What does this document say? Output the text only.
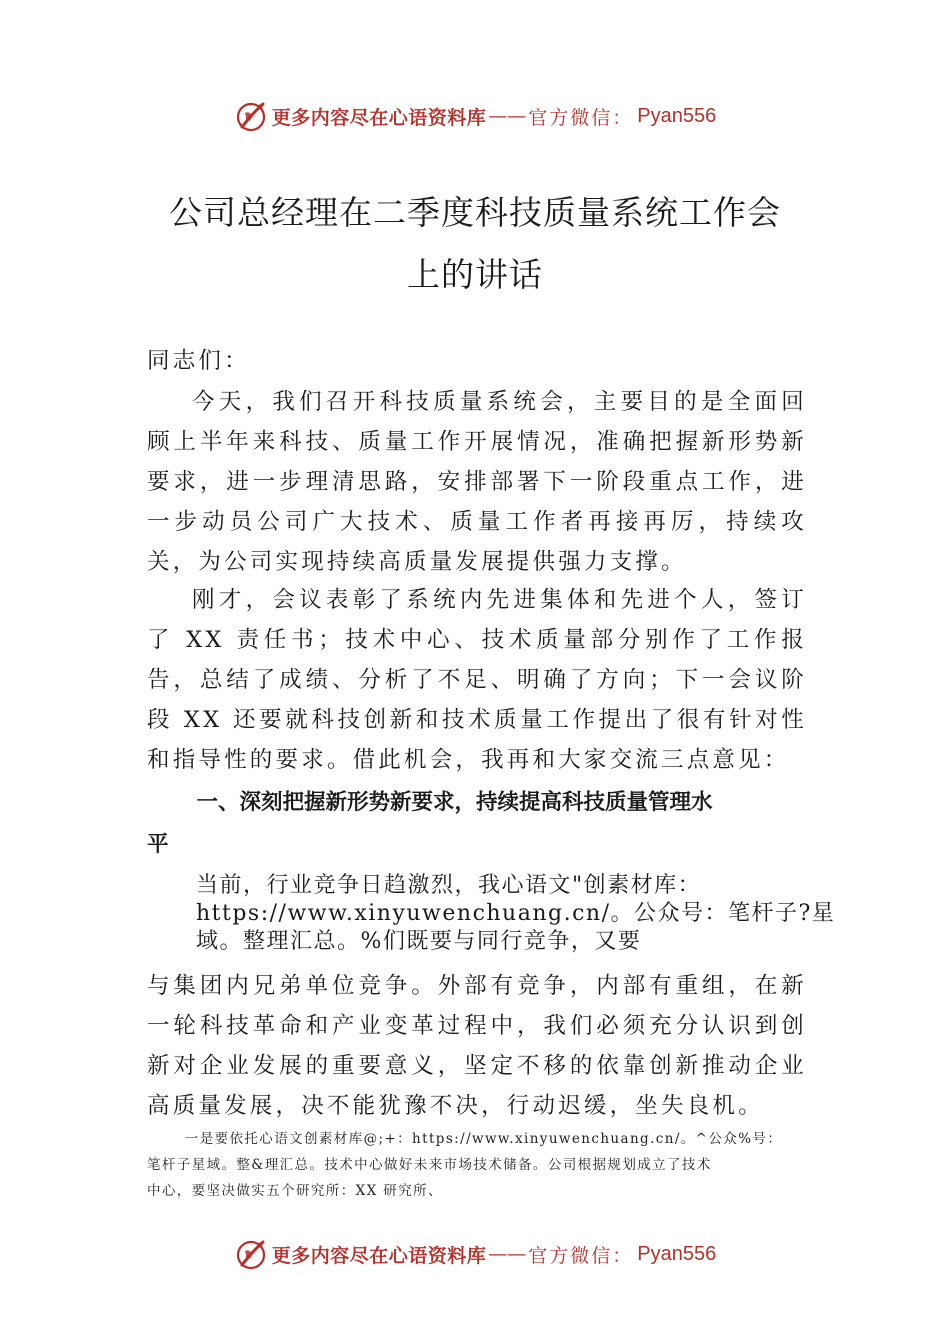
更多内容尽在心语资料库 —— 官方微信： Pyan556
公司总经理在二季度科技质量系统工作会
上的讲话

同志们：

今天，我们召开科技质量系统会，主要目的是全面回顾上半年来科技、质量工作开展情况，准确把握新形势新要求，进一步理清思路，安排部署下一阶段重点工作，进一步动员公司广大技术、质量工作者再接再厉，持续攻关，为公司实现持续高质量发展提供强力支撑。

刚才，会议表彰了系统内先进集体和先进个人，签订了 XX 责任书；技术中心、技术质量部分别作了工作报告，总结了成绩、分析了不足、明确了方向；下一会议阶段 XX 还要就科技创新和技术质量工作提出了很有针对性和指导性的要求。借此机会，我再和大家交流三点意见：

一、深刻把握新形势新要求，持续提高科技质量管理水
平
当前，行业竞争日趋激烈，我心语文"创素材库：
https://www.xinyuwenchuang.cn/。公众号：笔杆子?星
域。整理汇总。%们既要与同行竞争，又要

与集团内兄弟单位竞争。外部有竞争，内部有重组，在新一轮科技革命和产业变革过程中，我们必须充分认识到创新对企业发展的重要意义，坚定不移的依靠创新推动企业高质量发展，决不能犹豫不决，行动迟缓，坐失良机。

一是要依托心语文创素材库@;+：https://www.xinyuwenchuang.cn/。^公众%号：
笔杆子星域。整&理汇总。技术中心做好未来市场技术储备。公司根据规划成立了技术
中心，要坚决做实五个研究所：XX 研究所、
更多内容尽在心语资料库 —— 官方微信： Pyan556
